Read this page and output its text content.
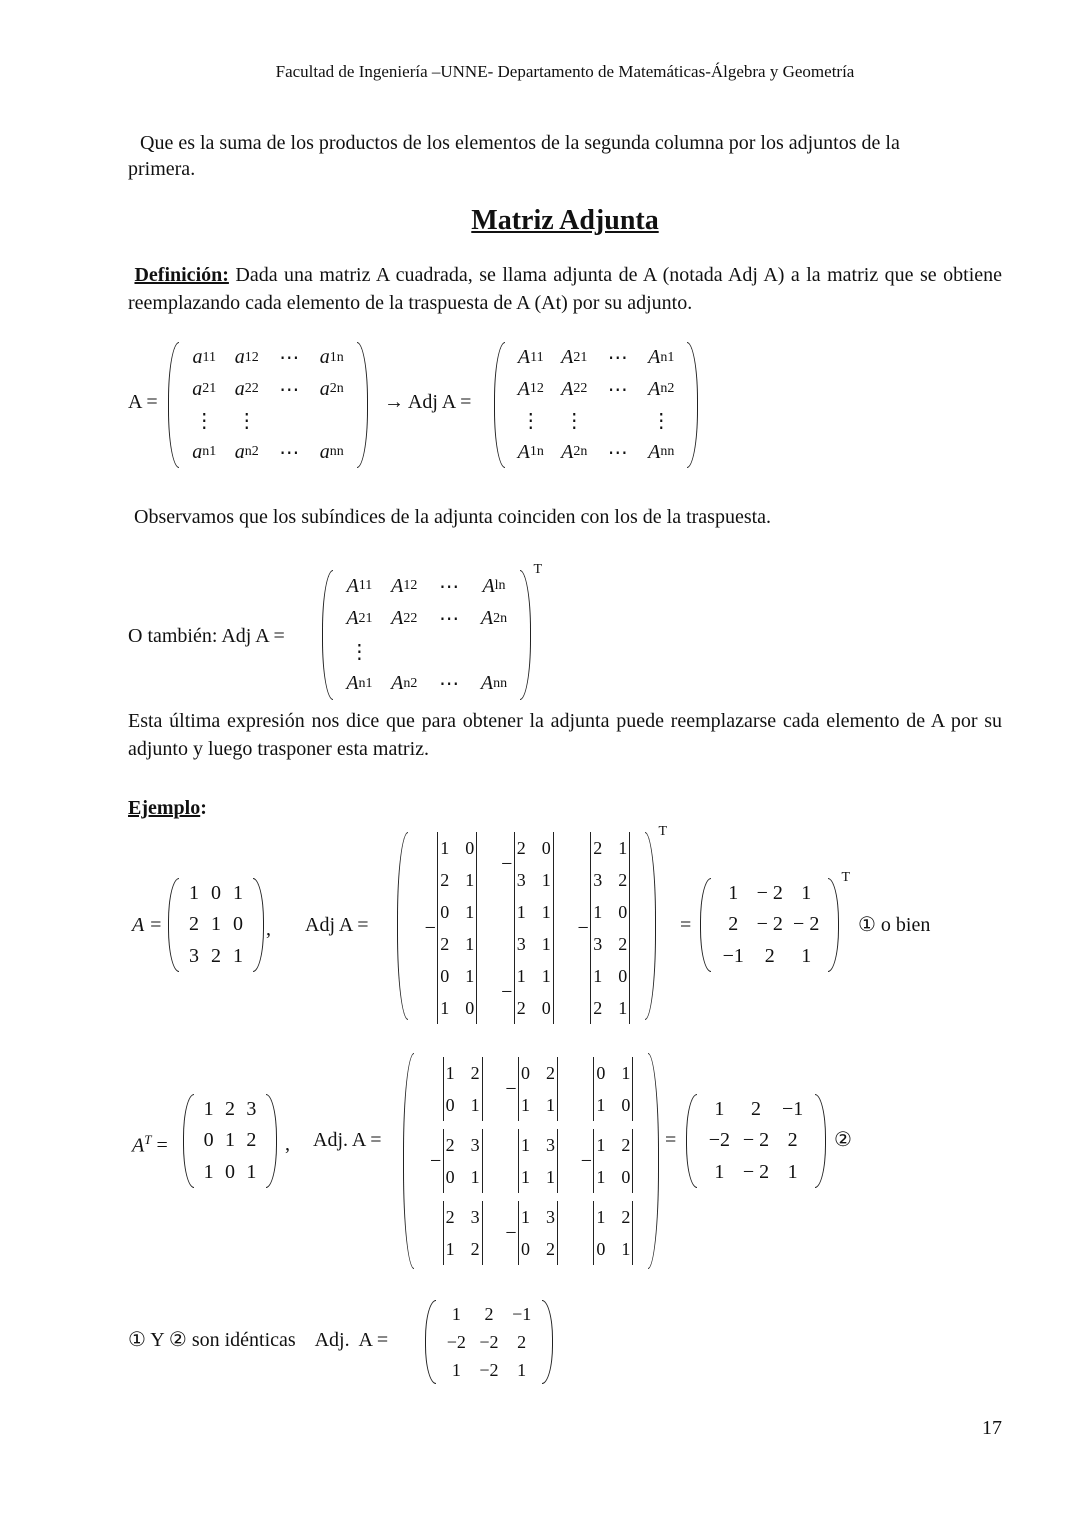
Facultad de Ingeniería –UNNE- Departamento de Matemáticas-Álgebra y Geometría
Que es la suma de los productos de los elementos de la segunda columna por los adjuntos de la
primera.
Matriz Adjunta
Definición: Dada una matriz A cuadrada, se llama adjunta de A (notada Adj A) a la matriz que se obtiene reemplazando cada elemento de la traspuesta de A (At) por su adjunto.
A =
a 11 a 12 ⋯ a 1n
a 21 a 22 ⋯ a 2n
⋮ ⋮
a n1 a n2 ⋯ a nn
→ Adj A =
A 11 A 21 ⋯ A n1
A 12 A 22 ⋯ A n2
⋮ ⋮	⋮
A 1n A 2n ⋯ A nn
Observamos que los subíndices de la adjunta coinciden con los de la traspuesta.
O también: Adj A =
A 11 A 12 ⋯ A ln
A 21 A 22 ⋯ A 2n
⋮
A n1 A n2 ⋯ A nn
T
Esta última expresión nos dice que para obtener la adjunta puede reemplazarse cada elemento de A por su adjunto y luego trasponer esta matriz.
Ejemplo:
A =
1 0 1
2 1 0
3 2 1
, Adj A =
1 0
2 1
−
2 0
3 1
2 1
3 2
−
0 1
2 1
1 1
3 1
−
1 0
3 2
0 1
1 0
−
1 1
2 0
1 0
2 1
T
=
1 − 2 1
2 − 2 − 2
−1 2 1
T
① o bien
$A^T$ =
1 2 3
0 1 2
1 0 1
, Adj. A =
1 2
0 1
−
0 2
1 1
0 1
1 0
−
2 3
0 1
1 3
1 1
−
1 2
1 0
2 3
1 2
−
1 3
0 2
1 2
0 1
=
1 2 −1
−2 − 2 2
1 − 2 1
②
① Y ② son idénticas    Adj.  A =
1 2 −1
−2 −2 2
1 −2 1
17
